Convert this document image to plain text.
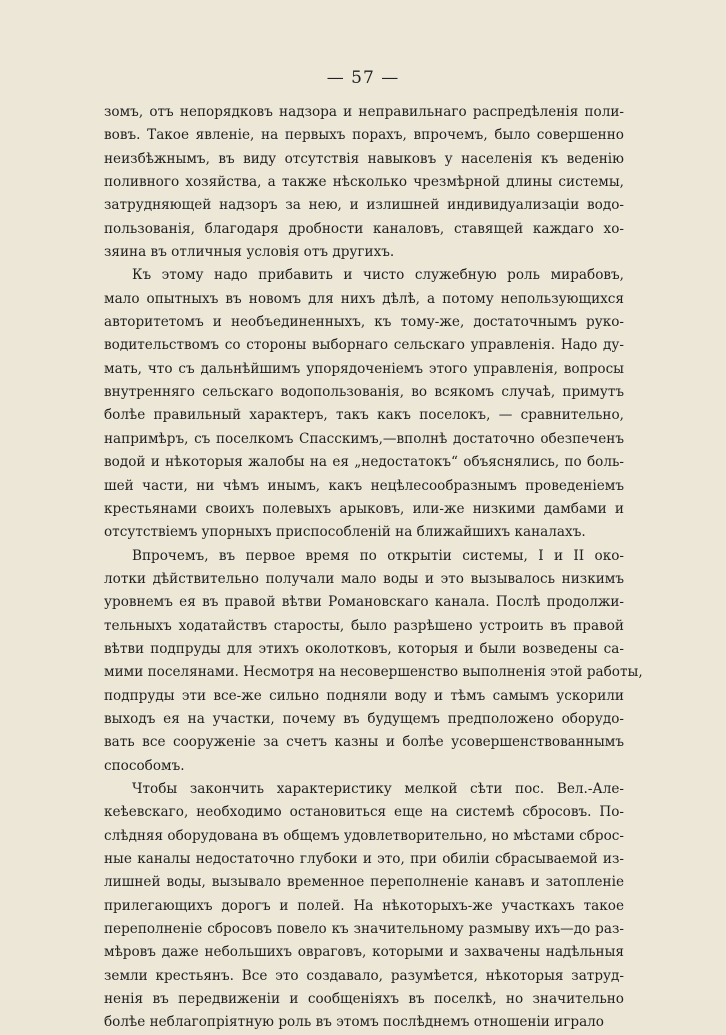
— 57 —
зомъ, отъ непорядковъ надзора и неправильнаго распредѣленія поли-
вовъ. Такое явленіе, на первыхъ порахъ, впрочемъ, было совершенно
неизбѣжнымъ, въ виду отсутствія навыковъ у населенія къ веденію
поливного хозяйства, а также нѣсколько чрезмѣрной длины системы,
затрудняющей надзоръ за нею, и излишней индивидуализаціи водо-
пользованія, благодаря дробности каналовъ, ставящей каждаго хо-
зяина въ отличныя условія отъ другихъ.
Къ этому надо прибавить и чисто служебную роль мирабовъ,
мало опытныхъ въ новомъ для нихъ дѣлѣ, а потому непользующихся
авторитетомъ и необъединенныхъ, къ тому-же, достаточнымъ руко-
водительствомъ со стороны выборнаго сельскаго управленія. Надо ду-
мать, что съ дальнѣйшимъ упорядоченіемъ этого управленія, вопросы
внутренняго сельскаго водопользованія, во всякомъ случаѣ, примутъ
болѣе правильный характеръ, такъ какъ поселокъ, — сравнительно,
напримѣръ, съ поселкомъ Спасскимъ,—вполнѣ достаточно обезпеченъ
водой и нѣкоторыя жалобы на ея „недостатокъ“ объяснялись, по боль-
шей части, ни чѣмъ инымъ, какъ нецѣлесообразнымъ проведеніемъ
крестьянами своихъ полевыхъ арыковъ, или-же низкими дамбами и
отсутствіемъ упорныхъ приспособленій на ближайшихъ каналахъ.
Впрочемъ, въ первое время по открытіи системы, I и II око-
лотки дѣйствительно получали мало воды и это вызывалось низкимъ
уровнемъ ея въ правой вѣтви Романовскаго канала. Послѣ продолжи-
тельныхъ ходатайствъ старосты, было разрѣшено устроить въ правой
вѣтви подпруды для этихъ околотковъ, которыя и были возведены са-
мими поселянами. Несмотря на несовершенство выполненія этой работы,
подпруды эти все-же сильно подняли воду и тѣмъ самымъ ускорили
выходъ ея на участки, почему въ будущемъ предположено оборудо-
вать все сооруженіе за счетъ казны и болѣе усовершенствованнымъ
способомъ.
Чтобы закончить характеристику мелкой сѣти пос. Вел.-Але-
кеѣевскаго, необходимо остановиться еще на системѣ сбросовъ. По-
слѣдняя оборудована въ общемъ удовлетворительно, но мѣстами сброс-
ные каналы недостаточно глубоки и это, при обиліи сбрасываемой из-
лишней воды, вызывало временное переполненіе канавъ и затопленіе
прилегающихъ дорогъ и полей. На нѣкоторыхъ-же участкахъ такое
переполненіе сбросовъ повело къ значительному размыву ихъ—до раз-
мѣровъ даже небольшихъ овраговъ, которыми и захвачены надѣльныя
земли крестьянъ. Все это создавало, разумѣется, нѣкоторыя затруд-
ненія въ передвиженіи и сообщеніяхъ въ поселкѣ, но значительно
болѣе неблагопріятную роль въ этомъ послѣднемъ отношеніи играло
